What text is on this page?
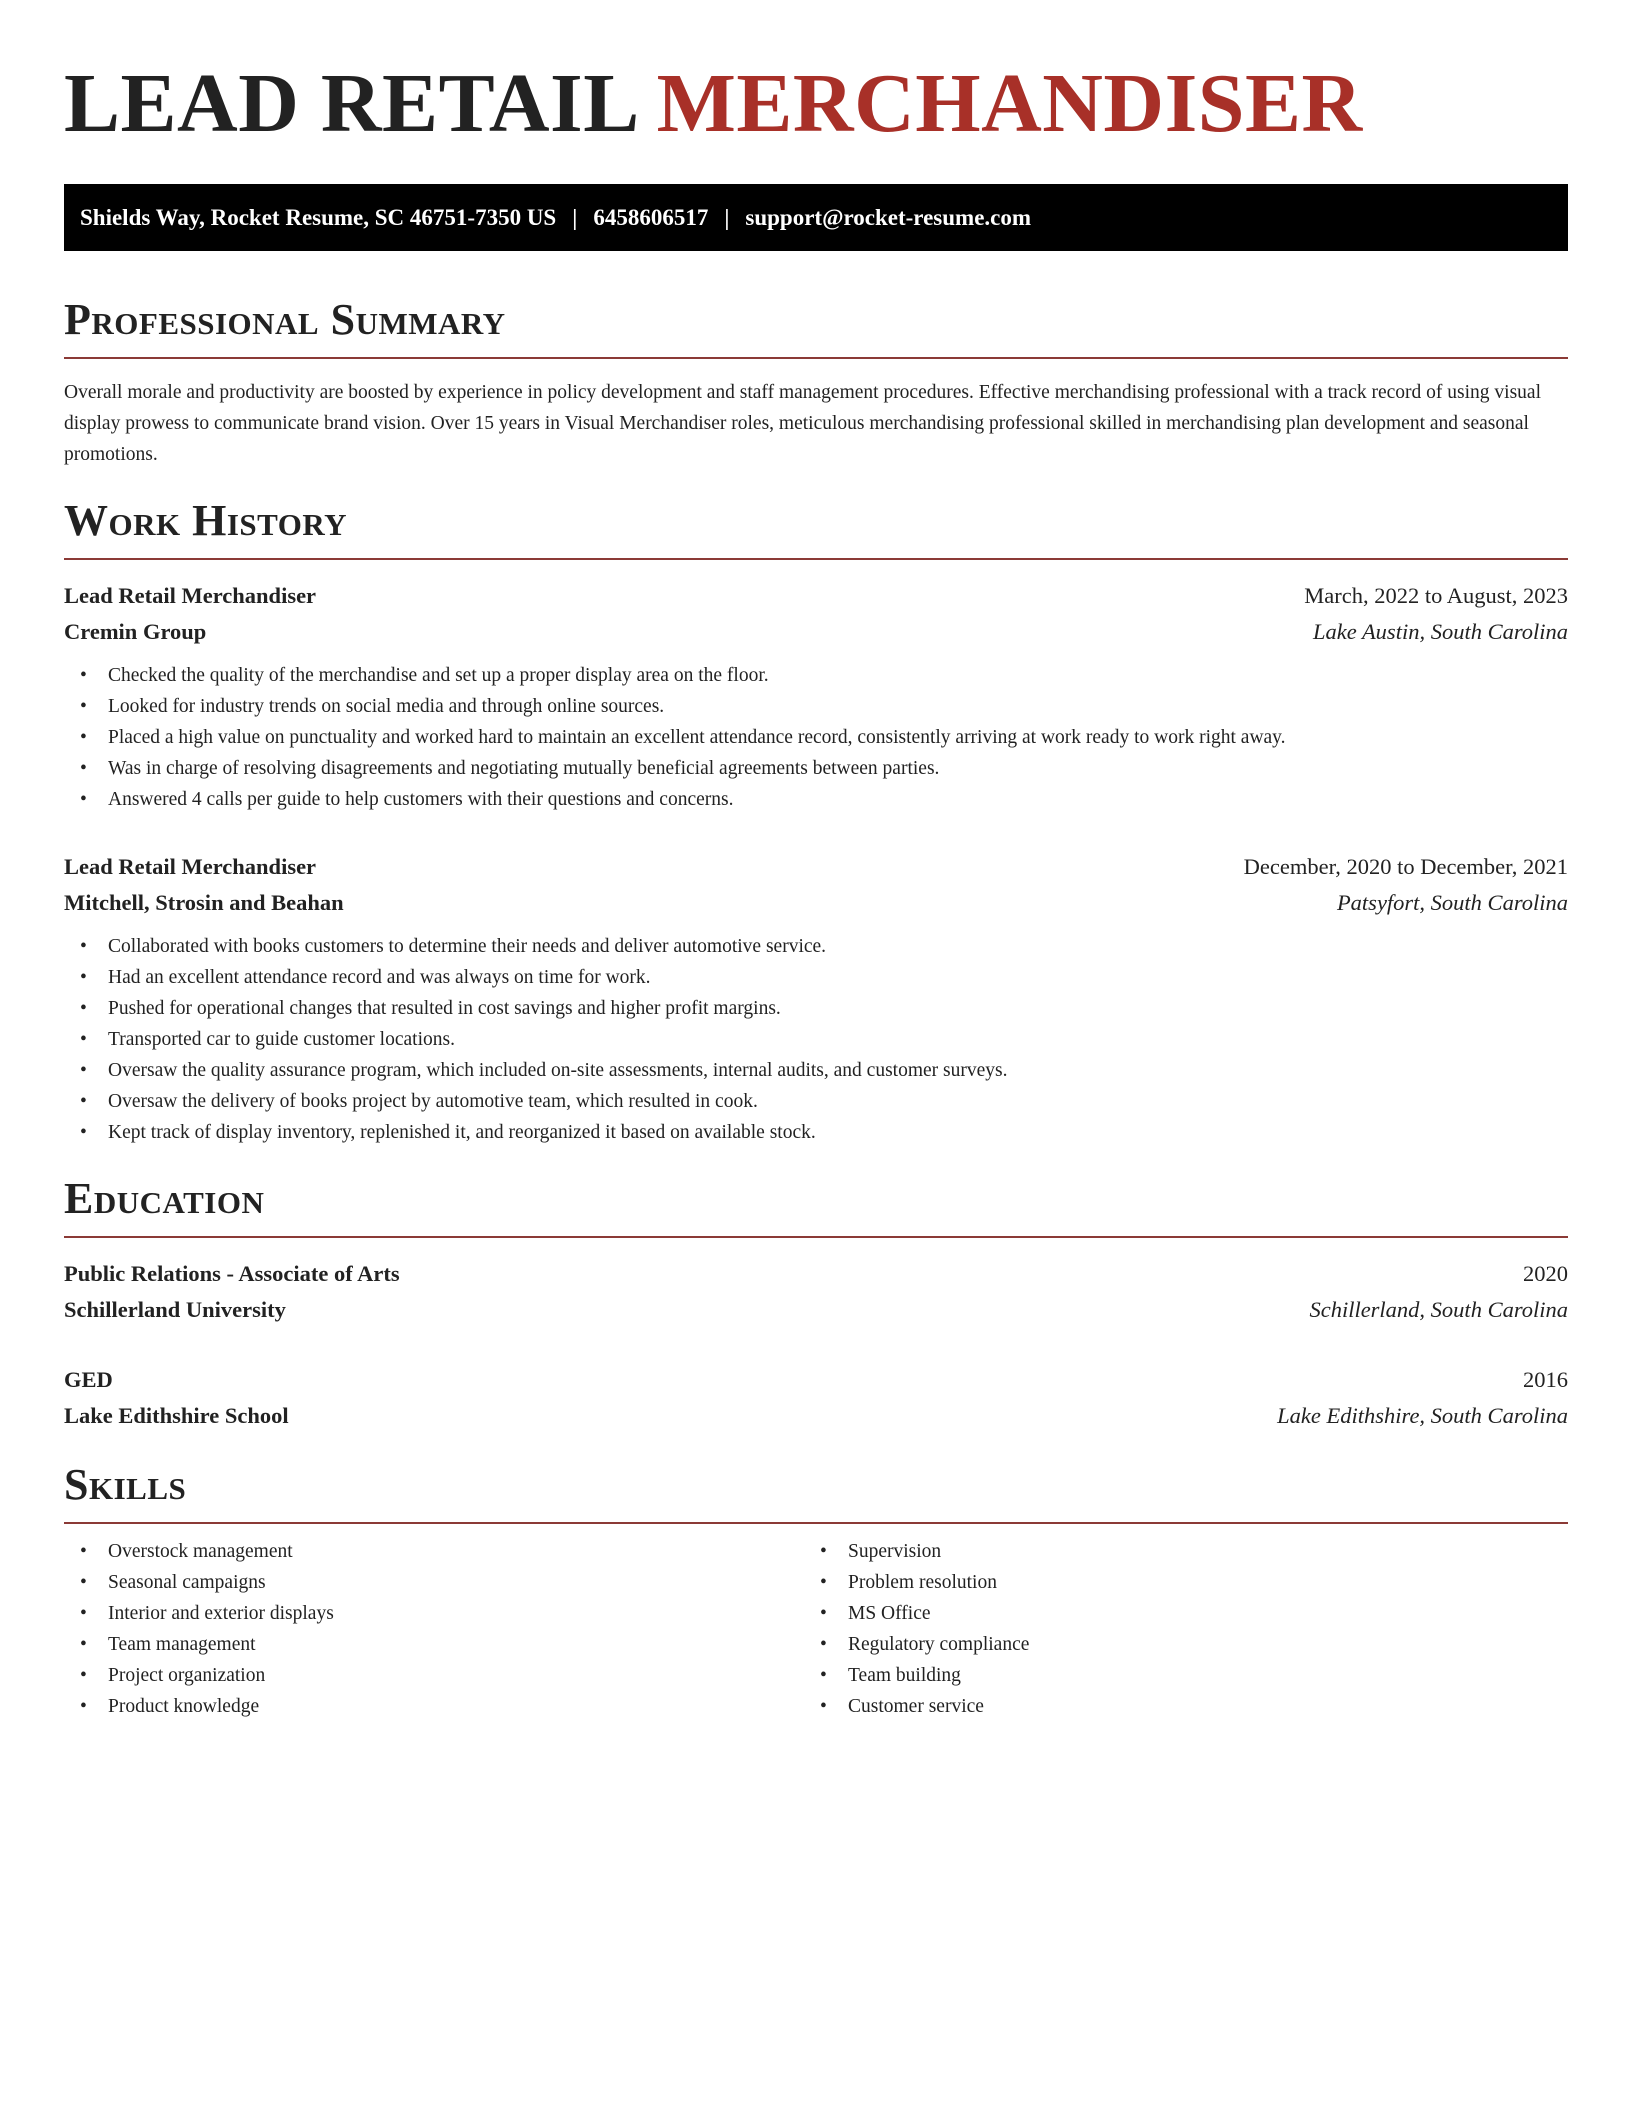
LEAD RETAIL MERCHANDISER
Shields Way, Rocket Resume, SC 46751-7350 US | 6458606517 | support@rocket-resume.com
Professional Summary

Overall morale and productivity are boosted by experience in policy development and staff management procedures. Effective merchandising professional with a track record of using visual display prowess to communicate brand vision. Over 15 years in Visual Merchandiser roles, meticulous merchandising professional skilled in merchandising plan development and seasonal promotions.

Work History
Lead Retail Merchandiser	March, 2022 to August, 2023
Cremin Group	Lake Austin, South Carolina
• Checked the quality of the merchandise and set up a proper display area on the floor.
• Looked for industry trends on social media and through online sources.
• Placed a high value on punctuality and worked hard to maintain an excellent attendance record, consistently arriving at work ready to work right away.
• Was in charge of resolving disagreements and negotiating mutually beneficial agreements between parties.
• Answered 4 calls per guide to help customers with their questions and concerns.
Lead Retail Merchandiser	December, 2020 to December, 2021
Mitchell, Strosin and Beahan	Patsyfort, South Carolina
• Collaborated with books customers to determine their needs and deliver automotive service.
• Had an excellent attendance record and was always on time for work.
• Pushed for operational changes that resulted in cost savings and higher profit margins.
• Transported car to guide customer locations.
• Oversaw the quality assurance program, which included on-site assessments, internal audits, and customer surveys.
• Oversaw the delivery of books project by automotive team, which resulted in cook.
• Kept track of display inventory, replenished it, and reorganized it based on available stock.
Education
Public Relations - Associate of Arts	2020
Schillerland University	Schillerland, South Carolina
GED	2016
Lake Edithshire School	Lake Edithshire, South Carolina
Skills
• Overstock management
• Seasonal campaigns
• Interior and exterior displays
• Team management
• Project organization
• Product knowledge
• Supervision
• Problem resolution
• MS Office
• Regulatory compliance
• Team building
• Customer service
